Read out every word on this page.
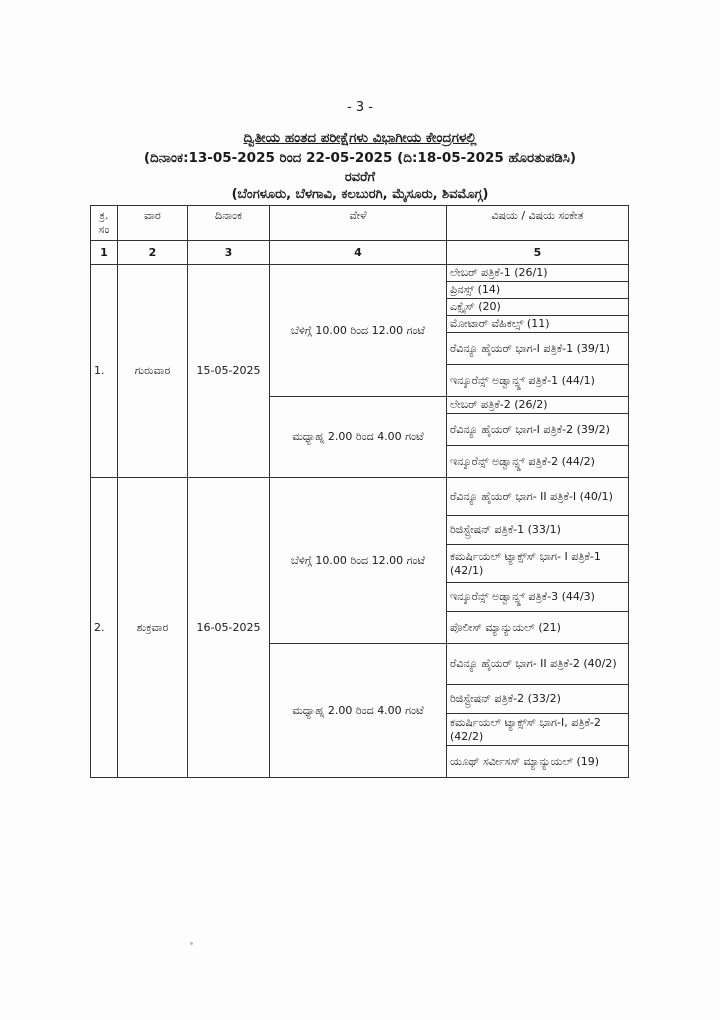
- 3 -
ದ್ವಿತೀಯ ಹಂತದ ಪರೀಕ್ಷೆಗಳು ವಿಭಾಗೀಯ ಕೇಂದ್ರಗಳಲ್ಲಿ
(ದಿನಾಂಕ:13-05-2025 ರಿಂದ 22-05-2025 (ದಿ:18-05-2025 ಹೊರತುಪಡಿಸಿ)
ರವರೆಗೆ
(ಬೆಂಗಳೂರು, ಬೆಳಗಾವಿ, ಕಲಬುರಗಿ, ಮೈಸೂರು, ಶಿವಮೊಗ್ಗ)
ಕ್ರ. ಸಂ	ವಾರ	ದಿನಾಂಕ	ವೇಳೆ	ವಿಷಯ / ವಿಷಯ ಸಂಕೇತ
1	2	3	4	5
1.	ಗುರುವಾರ	15-05-2025	ಬೆಳಿಗ್ಗೆ 10.00 ರಿಂದ 12.00 ಗಂಟೆ	ಲೇಬರ್ ಪತ್ರಿಕೆ-1 (26/1)
				ಪ್ರಿನಸ್ಸ್ (14)
				ಎಕ್ಸೈಸ್ (20)
				ಮೋಟಾರ್ ವೆಹಿಕಲ್ಸ್ (11)
				ರೆವಿನ್ಯೂ ಹೈಯರ್ ಭಾಗ-I ಪತ್ರಿಕೆ-1 (39/1)
				ಇನ್ಶೂರೆನ್ಸ್ ಅಡ್ವಾನ್ಸ್ಡ್ ಪತ್ರಿಕೆ-1 (44/1)
			ಮಧ್ಯಾಹ್ನ 2.00 ರಿಂದ 4.00 ಗಂಟೆ	ಲೇಬರ್ ಪತ್ರಿಕೆ-2 (26/2)
				ರೆವಿನ್ಯೂ ಹೈಯರ್ ಭಾಗ-I ಪತ್ರಿಕೆ-2 (39/2)
				ಇನ್ಶೂರೆನ್ಸ್ ಅಡ್ವಾನ್ಸ್ಡ್ ಪತ್ರಿಕೆ-2 (44/2)
2.	ಶುಕ್ರವಾರ	16-05-2025	ಬೆಳಿಗ್ಗೆ 10.00 ರಿಂದ 12.00 ಗಂಟೆ	ರೆವಿನ್ಯೂ ಹೈಯರ್ ಭಾಗ- II ಪತ್ರಿಕೆ-I (40/1)
				ರಿಜಿಸ್ಟ್ರೇಷನ್ ಪತ್ರಿಕೆ-1 (33/1)
				ಕಮರ್ಷಿಯಲ್ ಟ್ಯಾಕ್ಸ್‌ಸ್ ಭಾಗ- I ಪತ್ರಿಕೆ-1 (42/1)
				ಇನ್ಶೂರೆನ್ಸ್ ಅಡ್ವಾನ್ಸ್ಡ್ ಪತ್ರಿಕೆ-3 (44/3)
				ಪೊಲೀಸ್ ಮ್ಯಾನ್ಯುಯಲ್ (21)
			ಮಧ್ಯಾಹ್ನ 2.00 ರಿಂದ 4.00 ಗಂಟೆ	ರೆವಿನ್ಯೂ ಹೈಯರ್ ಭಾಗ- II ಪತ್ರಿಕೆ-2 (40/2)
				ರಿಜಿಸ್ಟ್ರೇಷನ್ ಪತ್ರಿಕೆ-2 (33/2)
				ಕಮರ್ಷಿಯಲ್ ಟ್ಯಾಕ್ಸ್‌ಸ್ ಭಾಗ-I, ಪತ್ರಿಕೆ-2 (42/2)
				ಯೂಥ್ ಸರ್ವೀಸಸ್ ಮ್ಯಾನ್ಯುಯಲ್ (19)
